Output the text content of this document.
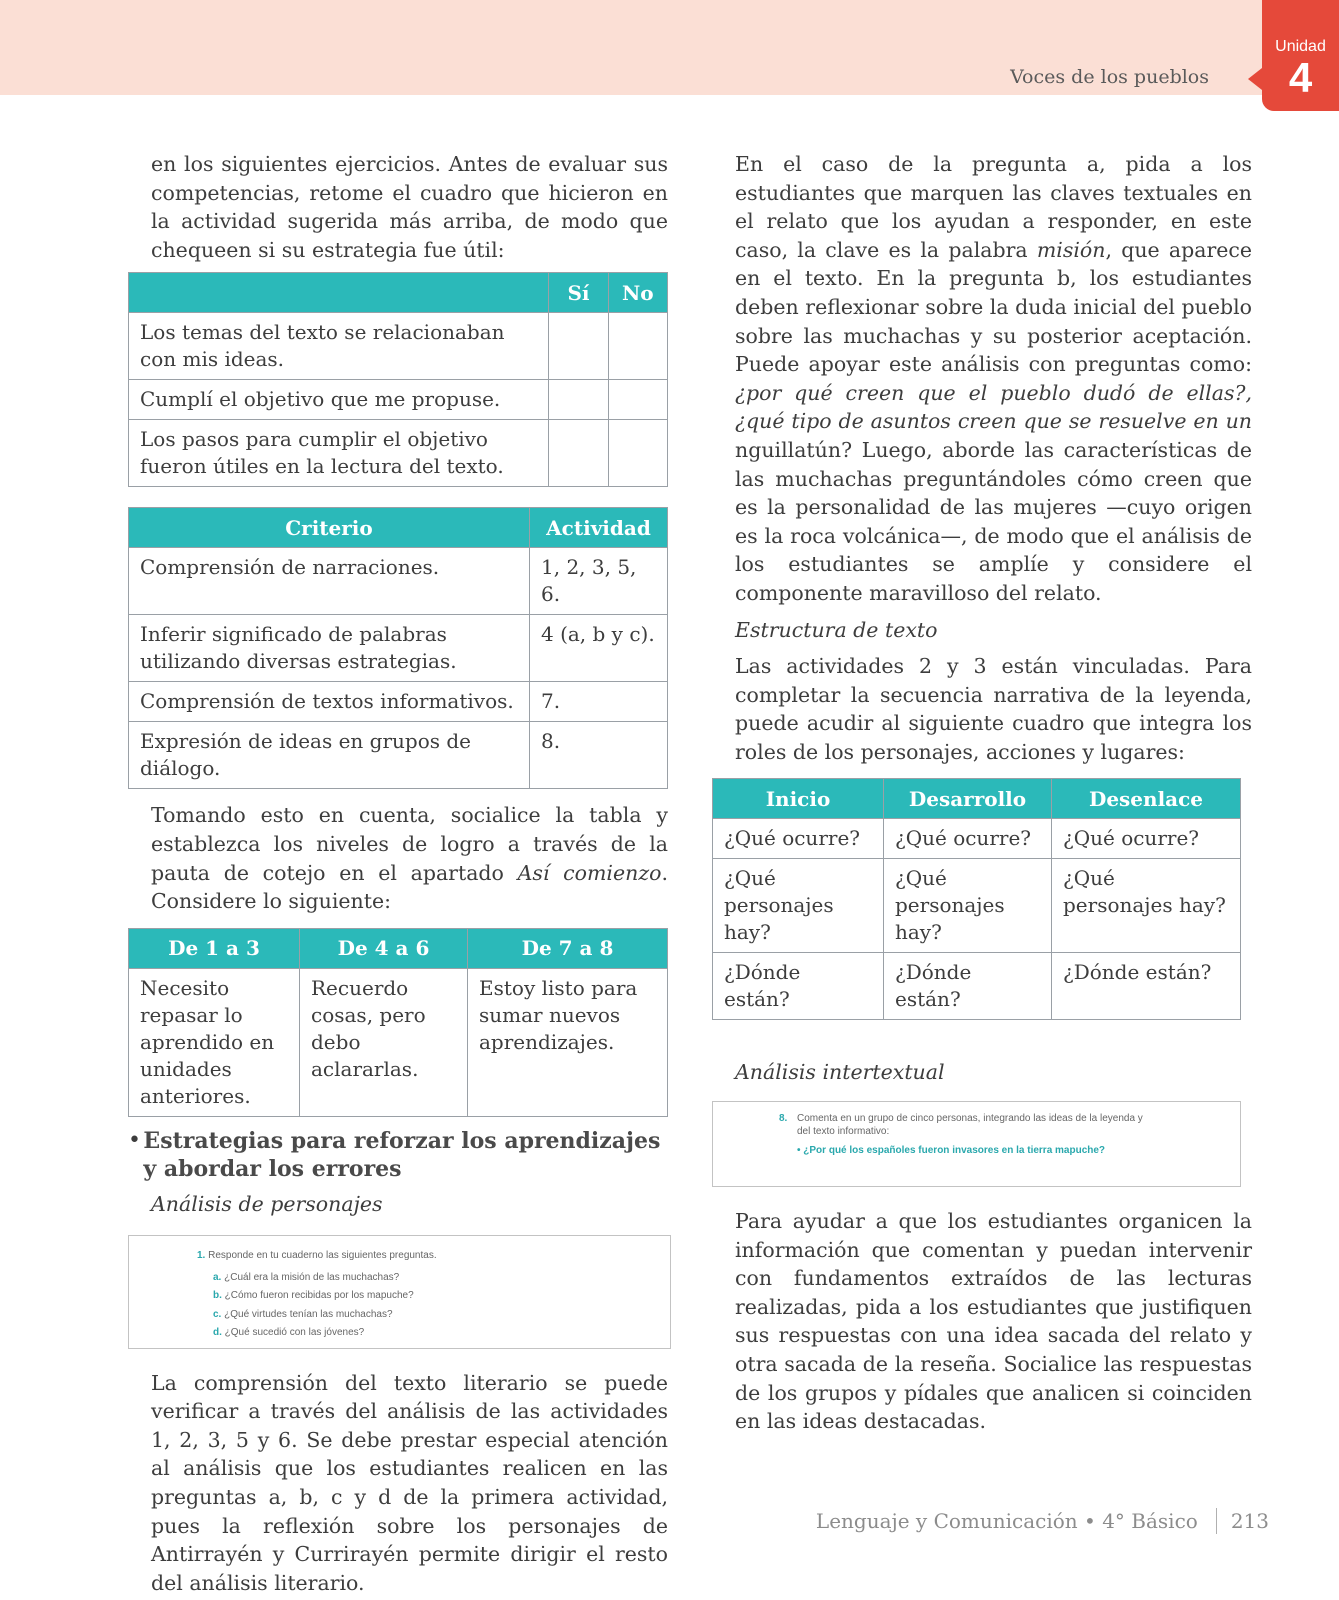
Voces de los pueblos
Unidad
4

en los siguientes ejercicios. Antes de evaluar sus competencias, retome el cuadro que hicieron en la actividad sugerida más arriba, de modo que chequeen si su estrategia fue útil:

	Sí	No
Los temas del texto se relacionaban con mis ideas.		
Cumplí el objetivo que me propuse.		
Los pasos para cumplir el objetivo fueron útiles en la lectura del texto.		
Criterio	Actividad
Comprensión de narraciones.	1, 2, 3, 5, 6.
Inferir significado de palabras utilizando diversas estrategias.	4 (a, b y c).
Comprensión de textos informativos.	7.
Expresión de ideas en grupos de diálogo.	8.

Tomando esto en cuenta, socialice la tabla y establezca los niveles de logro a través de la pauta de cotejo en el apartado Así comienzo. Considere lo siguiente:

De 1 a 3	De 4 a 6	De 7 a 8
Necesito repasar lo aprendido en unidades anteriores.	Recuerdo cosas, pero debo aclararlas.	Estoy listo para sumar nuevos aprendizajes.
• Estrategias para reforzar los aprendizajes y abordar los errores

Análisis de personajes

1. Responde en tu cuaderno las siguientes preguntas.
a. ¿Cuál era la misión de las muchachas?
b. ¿Cómo fueron recibidas por los mapuche?
c. ¿Qué virtudes tenían las muchachas?
d. ¿Qué sucedió con las jóvenes?

La comprensión del texto literario se puede verificar a través del análisis de las actividades 1, 2, 3, 5 y 6. Se debe prestar especial atención al análisis que los estudiantes realicen en las preguntas a, b, c y d de la primera actividad, pues la reflexión sobre los personajes de Antirrayén y Currirayén permite dirigir el resto del análisis literario.

En el caso de la pregunta a, pida a los estudiantes que marquen las claves textuales en el relato que los ayudan a responder, en este caso, la clave es la palabra misión, que aparece en el texto. En la pregunta b, los estudiantes deben reflexionar sobre la duda inicial del pueblo sobre las muchachas y su posterior aceptación. Puede apoyar este análisis con preguntas como: ¿por qué creen que el pueblo dudó de ellas?, ¿qué tipo de asuntos creen que se resuelve en un nguillatún? Luego, aborde las características de las muchachas preguntándoles cómo creen que es la personalidad de las mujeres —cuyo origen es la roca volcánica—, de modo que el análisis de los estudiantes se amplíe y considere el componente maravilloso del relato.

Estructura de texto

Las actividades 2 y 3 están vinculadas. Para completar la secuencia narrativa de la leyenda, puede acudir al siguiente cuadro que integra los roles de los personajes, acciones y lugares:

Inicio	Desarrollo	Desenlace
¿Qué ocurre?	¿Qué ocurre?	¿Qué ocurre?
¿Qué personajes hay?	¿Qué personajes hay?	¿Qué personajes hay?
¿Dónde están?	¿Dónde están?	¿Dónde están?

Análisis intertextual

8. Comenta en un grupo de cinco personas, integrando las ideas de la leyenda y del texto informativo:
• ¿Por qué los españoles fueron invasores en la tierra mapuche?

Para ayudar a que los estudiantes organicen la información que comentan y puedan intervenir con fundamentos extraídos de las lecturas realizadas, pida a los estudiantes que justifiquen sus respuestas con una idea sacada del relato y otra sacada de la reseña. Socialice las respuestas de los grupos y pídales que analicen si coinciden en las ideas destacadas.

Lenguaje y Comunicación • 4° Básico 213
